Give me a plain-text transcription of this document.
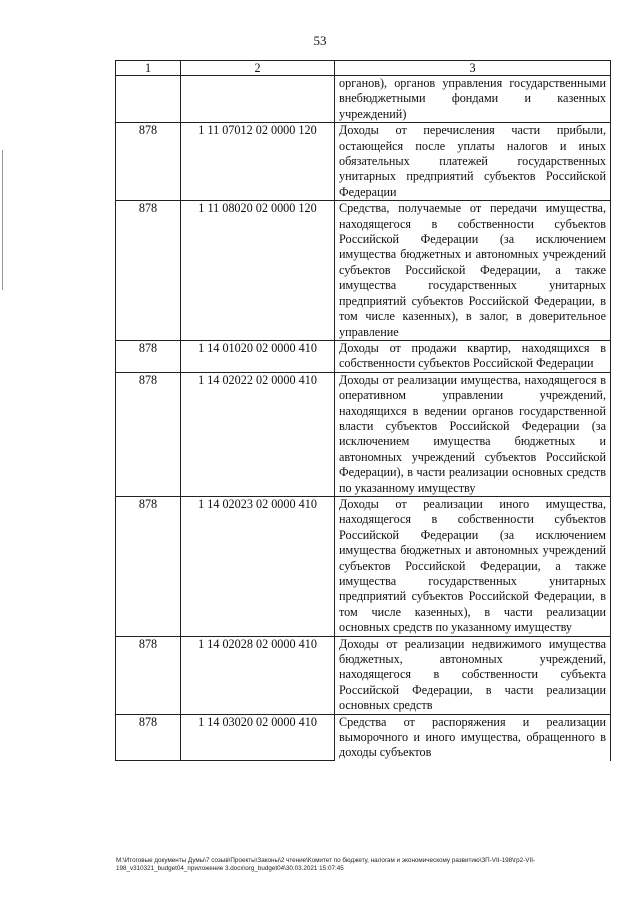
53
1	2	3
		органов), органов управления государственными внебюджетными фондами и казенных учреждений)
878	1 11 07012 02 0000 120	Доходы от перечисления части прибыли, остающейся после уплаты налогов и иных обязательных платежей государственных унитарных предприятий субъектов Российской Федерации
878	1 11 08020 02 0000 120	Средства, получаемые от передачи имущества, находящегося в собственности субъектов Российской Федерации (за исключением имущества бюджетных и автономных учреждений субъектов Российской Федерации, а также имущества государственных унитарных предприятий субъектов Российской Федерации, в том числе казенных), в залог, в доверительное управление
878	1 14 01020 02 0000 410	Доходы от продажи квартир, находящихся в собственности субъектов Российской Федерации
878	1 14 02022 02 0000 410	Доходы от реализации имущества, находящегося в оперативном управлении учреждений, находящихся в ведении органов государственной власти субъектов Российской Федерации (за исключением имущества бюджетных и автономных учреждений субъектов Российской Федерации), в части реализации основных средств по указанному имуществу
878	1 14 02023 02 0000 410	Доходы от реализации иного имущества, находящегося в собственности субъектов Российской Федерации (за исключением имущества бюджетных и автономных учреждений субъектов Российской Федерации, а также имущества государственных унитарных предприятий субъектов Российской Федерации, в том числе казенных), в части реализации основных средств по указанному имуществу
878	1 14 02028 02 0000 410	Доходы от реализации недвижимого имущества бюджетных, автономных учреждений, находящегося в собственности субъекта Российской Федерации, в части реализации основных средств
878	1 14 03020 02 0000 410	Средства от распоряжения и реализации выморочного и иного имущества, обращенного в доходы субъектов
M:\Итоговые документы Думы\7 созыв\Проекты\Законы\2 чтение\Комитет по бюджету, налогам и экономическому развитию\ЗП-VII-198\гр2-VII-
198_v310321_budget04_приложение 3.docx\org_budget04\30.03.2021 15:07:45
